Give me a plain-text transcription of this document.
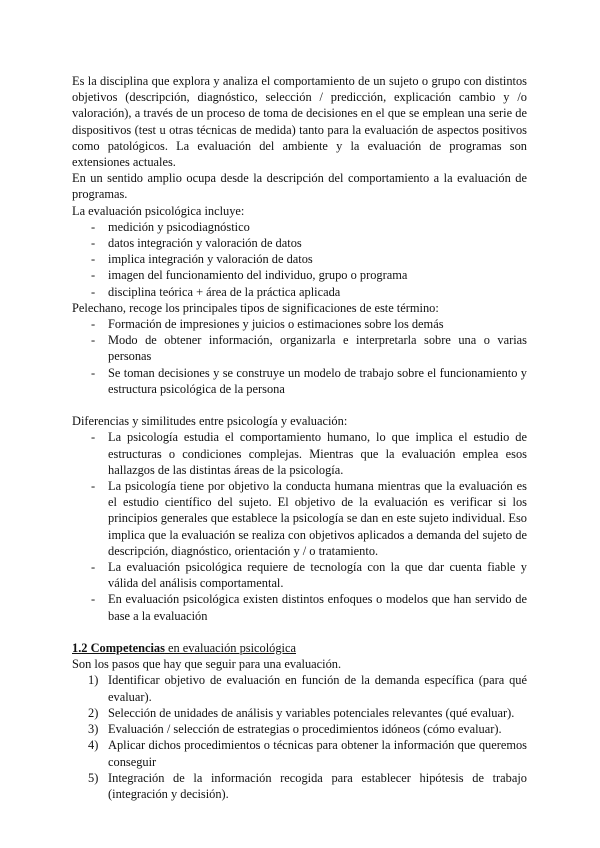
Es la disciplina que explora y analiza el comportamiento de un sujeto o grupo con distintos objetivos (descripción, diagnóstico, selección / predicción, explicación cambio y /o valoración), a través de un proceso de toma de decisiones en el que se emplean una serie de dispositivos (test u otras técnicas de medida) tanto para la evaluación de aspectos positivos como patológicos. La evaluación del ambiente y la evaluación de programas son extensiones actuales.

En un sentido amplio ocupa desde la descripción del comportamiento a la evaluación de programas.

La evaluación psicológica incluye:

- medición y psicodiagnóstico
- datos integración y valoración de datos
- implica integración y valoración de datos
- imagen del funcionamiento del individuo, grupo o programa
- disciplina teórica + área de la práctica aplicada

Pelechano, recoge los principales tipos de significaciones de este término:

- Formación de impresiones y juicios o estimaciones sobre los demás
- Modo de obtener información, organizarla e interpretarla sobre una o varias personas
- Se toman decisiones y se construye un modelo de trabajo sobre el funcionamiento y estructura psicológica de la persona

Diferencias y similitudes entre psicología y evaluación:

- La psicología estudia el comportamiento humano, lo que implica el estudio de estructuras o condiciones complejas. Mientras que la evaluación emplea esos hallazgos de las distintas áreas de la psicología.
- La psicología tiene por objetivo la conducta humana mientras que la evaluación es el estudio científico del sujeto. El objetivo de la evaluación es verificar si los principios generales que establece la psicología se dan en este sujeto individual. Eso implica que la evaluación se realiza con objetivos aplicados a demanda del sujeto de descripción, diagnóstico, orientación y / o tratamiento.
- La evaluación psicológica requiere de tecnología con la que dar cuenta fiable y válida del análisis comportamental.
- En evaluación psicológica existen distintos enfoques o modelos que han servido de base a la evaluación

1.2 Competencias en evaluación psicológica

Son los pasos que hay que seguir para una evaluación.

1) Identificar objetivo de evaluación en función de la demanda específica (para qué evaluar).
2) Selección de unidades de análisis y variables potenciales relevantes (qué evaluar).
3) Evaluación / selección de estrategias o procedimientos idóneos (cómo evaluar).
4) Aplicar dichos procedimientos o técnicas para obtener la información que queremos conseguir
5) Integración de la información recogida para establecer hipótesis de trabajo (integración y decisión).
